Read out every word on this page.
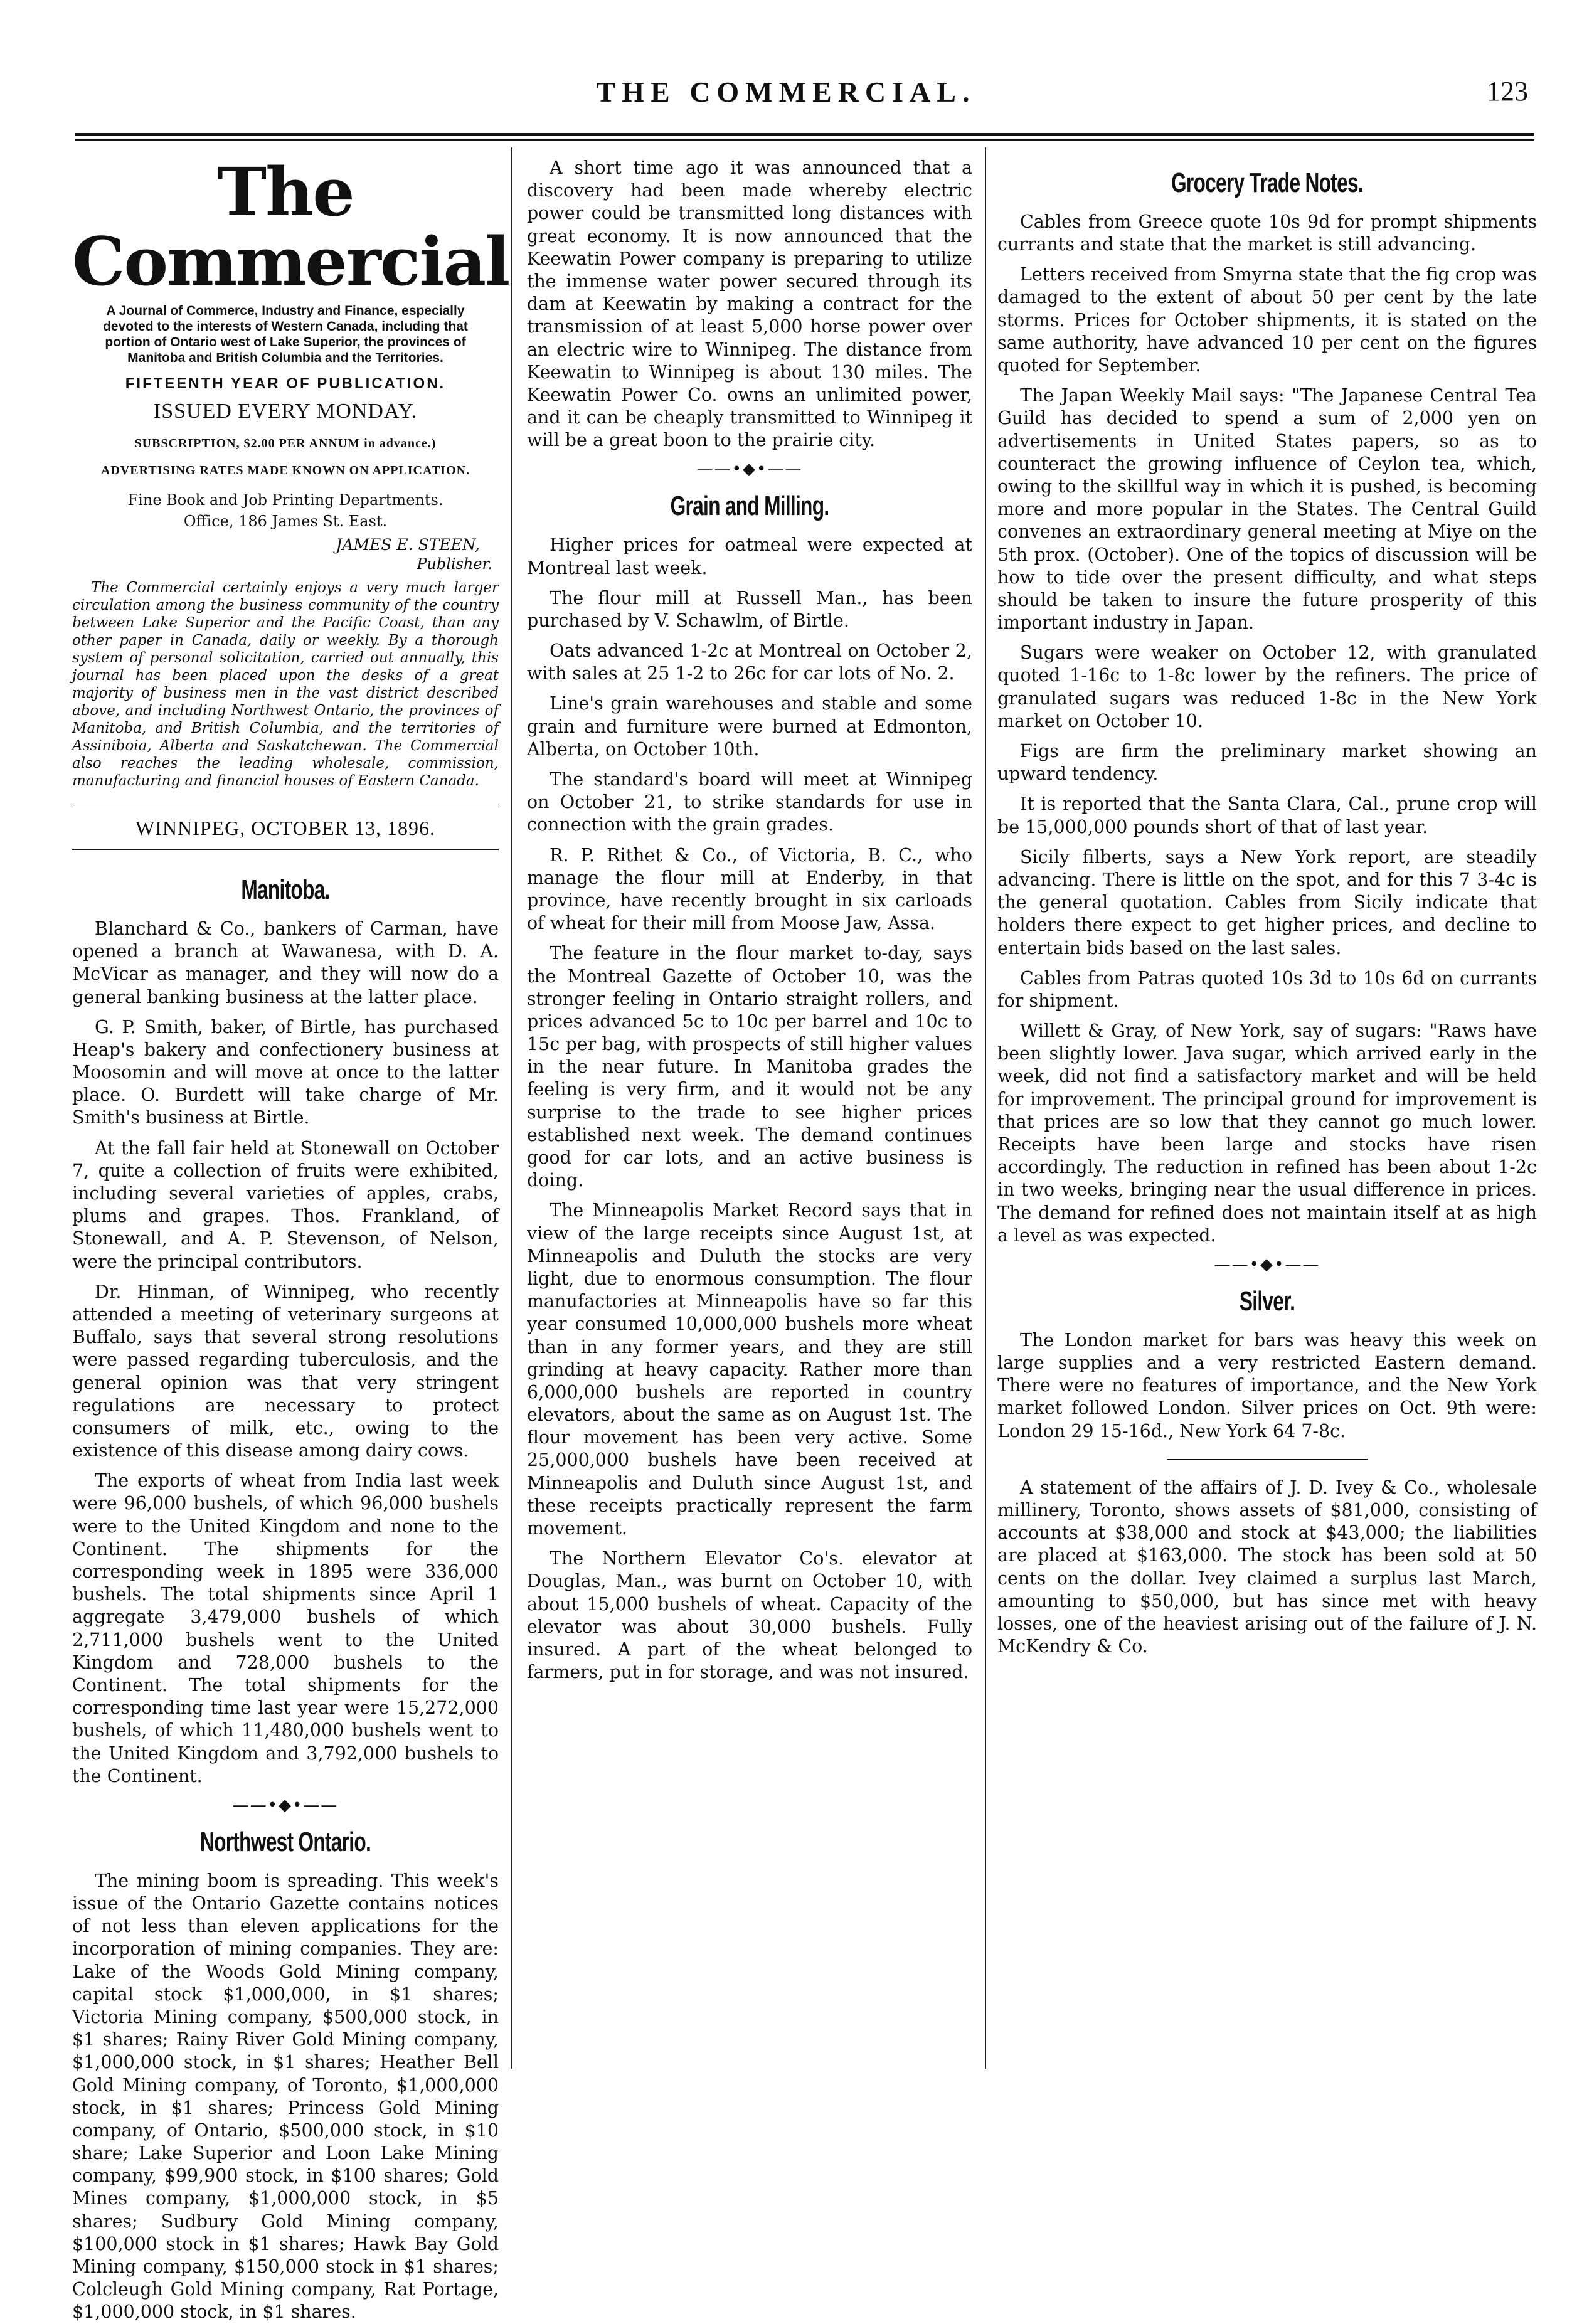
THE COMMERCIAL.	123
The Commercial
A Journal of Commerce, Industry and Finance, especially devoted to the interests of Western Canada, including that portion of Ontario west of Lake Superior, the provinces of Manitoba and British Columbia and the Territories.
FIFTEENTH YEAR OF PUBLICATION.
ISSUED EVERY MONDAY.
SUBSCRIPTION, $2.00 PER ANNUM in advance.)
ADVERTISING RATES MADE KNOWN ON APPLICATION.
Fine Book and Job Printing Departments.
Office, 186 James St. East.
JAMES E. STEEN,
Publisher.
The Commercial certainly enjoys a very much larger circulation among the business community of the country between Lake Superior and the Pacific Coast, than any other paper in Canada, daily or weekly. By a thorough system of personal solicitation, carried out annually, this journal has been placed upon the desks of a great majority of business men in the vast district described above, and including Northwest Ontario, the provinces of Manitoba, and British Columbia, and the territories of Assiniboia, Alberta and Saskatchewan. The Commercial also reaches the leading wholesale, commission, manufacturing and financial houses of Eastern Canada.
WINNIPEG, OCTOBER 13, 1896.
Manitoba.

Blanchard & Co., bankers of Carman, have opened a branch at Wawanesa, with D. A. McVicar as manager, and they will now do a general banking business at the latter place.

G. P. Smith, baker, of Birtle, has purchased Heap's bakery and confectionery business at Moosomin and will move at once to the latter place. O. Burdett will take charge of Mr. Smith's business at Birtle.

At the fall fair held at Stonewall on October 7, quite a collection of fruits were exhibited, including several varieties of apples, crabs, plums and grapes. Thos. Frankland, of Stonewall, and A. P. Stevenson, of Nelson, were the principal contributors.

Dr. Hinman, of Winnipeg, who recently attended a meeting of veterinary surgeons at Buffalo, says that several strong resolutions were passed regarding tuberculosis, and the general opinion was that very stringent regulations are necessary to protect consumers of milk, etc., owing to the existence of this disease among dairy cows.

The exports of wheat from India last week were 96,000 bushels, of which 96,000 bushels were to the United Kingdom and none to the Continent. The shipments for the corresponding week in 1895 were 336,000 bushels. The total shipments since April 1 aggregate 3,479,000 bushels of which 2,711,000 bushels went to the United Kingdom and 728,000 bushels to the Continent. The total shipments for the corresponding time last year were 15,272,000 bushels, of which 11,480,000 bushels went to the United Kingdom and 3,792,000 bushels to the Continent.

——•◆•——
Northwest Ontario.

The mining boom is spreading. This week's issue of the Ontario Gazette contains notices of not less than eleven applications for the incorporation of mining companies. They are: Lake of the Woods Gold Mining company, capital stock $1,000,000, in $1 shares; Victoria Mining company, $500,000 stock, in $1 shares; Rainy River Gold Mining company, $1,000,000 stock, in $1 shares; Heather Bell Gold Mining company, of Toronto, $1,000,000 stock, in $1 shares; Princess Gold Mining company, of Ontario, $500,000 stock, in $10 share; Lake Superior and Loon Lake Mining company, $99,900 stock, in $100 shares; Gold Mines company, $1,000,000 stock, in $5 shares; Sudbury Gold Mining company, $100,000 stock in $1 shares; Hawk Bay Gold Mining company, $150,000 stock in $1 shares; Colcleugh Gold Mining company, Rat Portage, $1,000,000 stock, in $1 shares.

A short time ago it was announced that a discovery had been made whereby electric power could be transmitted long distances with great economy. It is now announced that the Keewatin Power company is preparing to utilize the immense water power secured through its dam at Keewatin by making a contract for the transmission of at least 5,000 horse power over an electric wire to Winnipeg. The distance from Keewatin to Winnipeg is about 130 miles. The Keewatin Power Co. owns an unlimited power, and it can be cheaply transmitted to Winnipeg it will be a great boon to the prairie city.

——•◆•——
Grain and Milling.

Higher prices for oatmeal were expected at Montreal last week.

The flour mill at Russell Man., has been purchased by V. Schawlm, of Birtle.

Oats advanced 1-2c at Montreal on October 2, with sales at 25 1-2 to 26c for car lots of No. 2.

Line's grain warehouses and stable and some grain and furniture were burned at Edmonton, Alberta, on October 10th.

The standard's board will meet at Winnipeg on October 21, to strike standards for use in connection with the grain grades.

R. P. Rithet & Co., of Victoria, B. C., who manage the flour mill at Enderby, in that province, have recently brought in six carloads of wheat for their mill from Moose Jaw, Assa.

The feature in the flour market to-day, says the Montreal Gazette of October 10, was the stronger feeling in Ontario straight rollers, and prices advanced 5c to 10c per barrel and 10c to 15c per bag, with prospects of still higher values in the near future. In Manitoba grades the feeling is very firm, and it would not be any surprise to the trade to see higher prices established next week. The demand continues good for car lots, and an active business is doing.

The Minneapolis Market Record says that in view of the large receipts since August 1st, at Minneapolis and Duluth the stocks are very light, due to enormous consumption. The flour manufactories at Minneapolis have so far this year consumed 10,000,000 bushels more wheat than in any former years, and they are still grinding at heavy capacity. Rather more than 6,000,000 bushels are reported in country elevators, about the same as on August 1st. The flour movement has been very active. Some 25,000,000 bushels have been received at Minneapolis and Duluth since August 1st, and these receipts practically represent the farm movement.

The Northern Elevator Co's. elevator at Douglas, Man., was burnt on October 10, with about 15,000 bushels of wheat. Capacity of the elevator was about 30,000 bushels. Fully insured. A part of the wheat belonged to farmers, put in for storage, and was not insured.

Grocery Trade Notes.

Cables from Greece quote 10s 9d for prompt shipments currants and state that the market is still advancing.

Letters received from Smyrna state that the fig crop was damaged to the extent of about 50 per cent by the late storms. Prices for October shipments, it is stated on the same authority, have advanced 10 per cent on the figures quoted for September.

The Japan Weekly Mail says: "The Japanese Central Tea Guild has decided to spend a sum of 2,000 yen on advertisements in United States papers, so as to counteract the growing influence of Ceylon tea, which, owing to the skillful way in which it is pushed, is becoming more and more popular in the States. The Central Guild convenes an extraordinary general meeting at Miye on the 5th prox. (October). One of the topics of discussion will be how to tide over the present difficulty, and what steps should be taken to insure the future prosperity of this important industry in Japan.

Sugars were weaker on October 12, with granulated quoted 1-16c to 1-8c lower by the refiners. The price of granulated sugars was reduced 1-8c in the New York market on October 10.

Figs are firm the preliminary market showing an upward tendency.

It is reported that the Santa Clara, Cal., prune crop will be 15,000,000 pounds short of that of last year.

Sicily filberts, says a New York report, are steadily advancing. There is little on the spot, and for this 7 3-4c is the general quotation. Cables from Sicily indicate that holders there expect to get higher prices, and decline to entertain bids based on the last sales.

Cables from Patras quoted 10s 3d to 10s 6d on currants for shipment.

Willett & Gray, of New York, say of sugars: "Raws have been slightly lower. Java sugar, which arrived early in the week, did not find a satisfactory market and will be held for improvement. The principal ground for improvement is that prices are so low that they cannot go much lower. Receipts have been large and stocks have risen accordingly. The reduction in refined has been about 1-2c in two weeks, bringing near the usual difference in prices. The demand for refined does not maintain itself at as high a level as was expected.

——•◆•——
Silver.

The London market for bars was heavy this week on large supplies and a very restricted Eastern demand. There were no features of importance, and the New York market followed London. Silver prices on Oct. 9th were: London 29 15-16d., New York 64 7-8c.

A statement of the affairs of J. D. Ivey & Co., wholesale millinery, Toronto, shows assets of $81,000, consisting of accounts at $38,000 and stock at $43,000; the liabilities are placed at $163,000. The stock has been sold at 50 cents on the dollar. Ivey claimed a surplus last March, amounting to $50,000, but has since met with heavy losses, one of the heaviest arising out of the failure of J. N. McKendry & Co.
